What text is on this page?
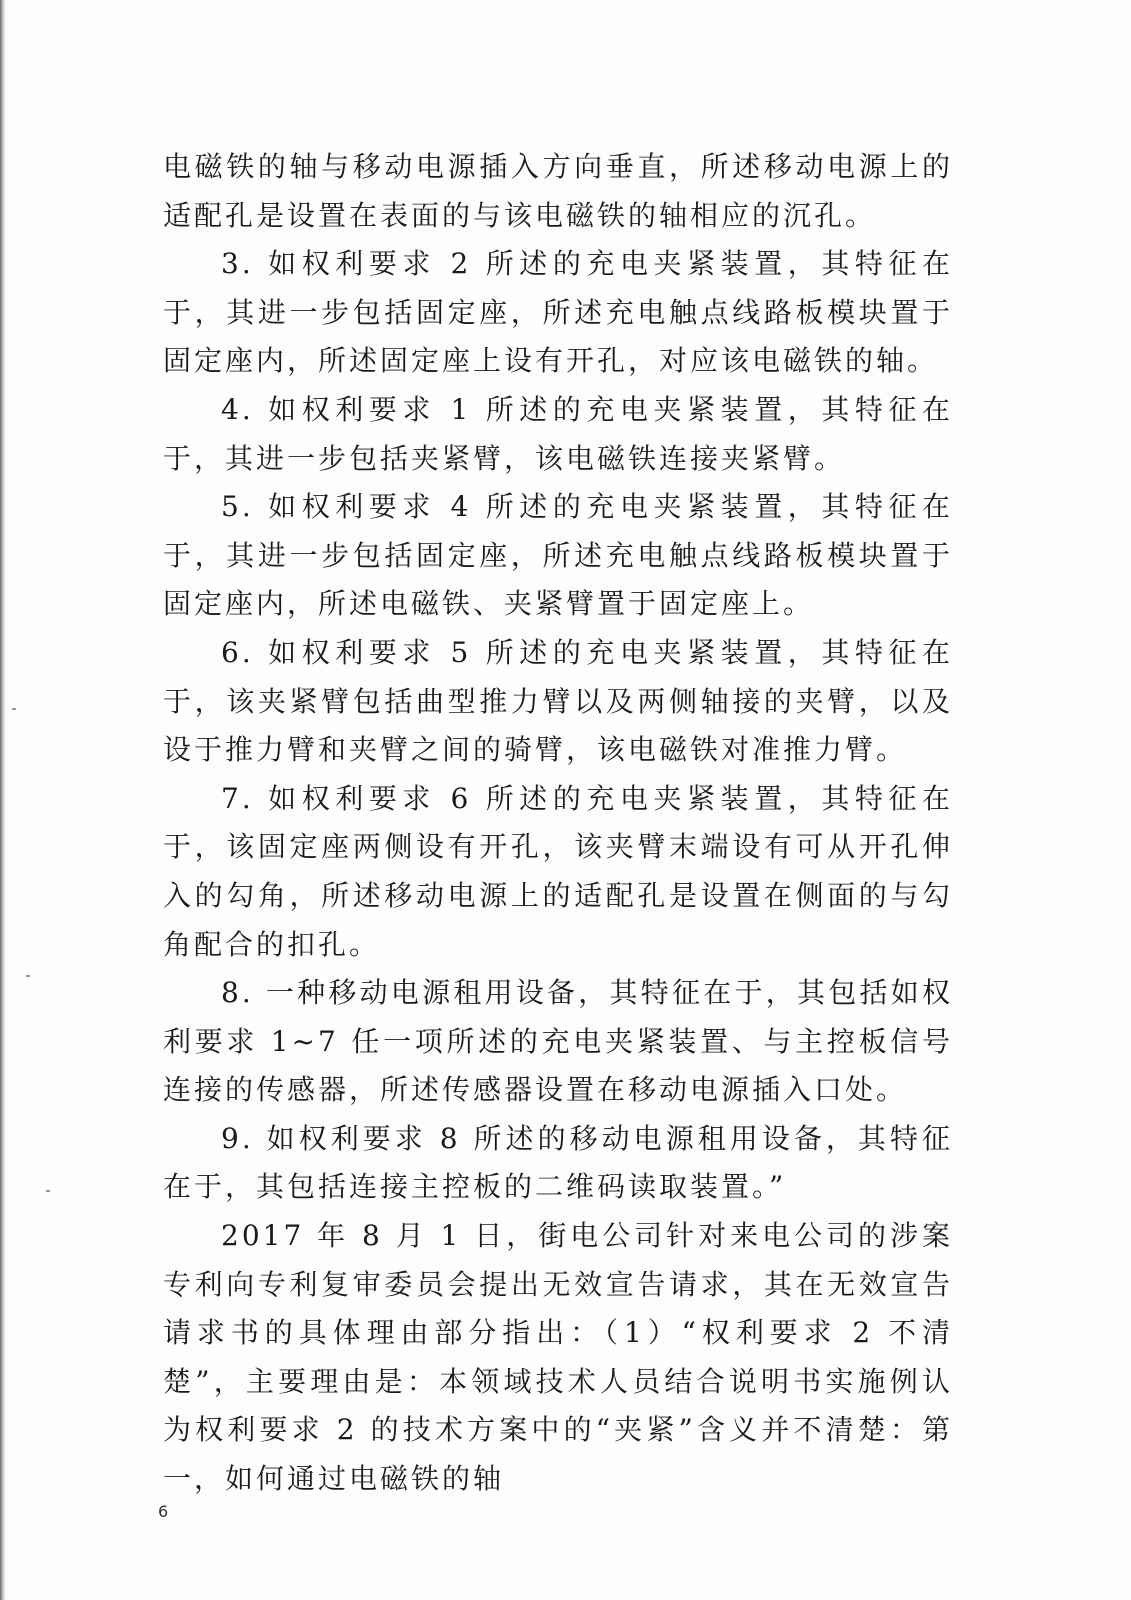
电磁铁的轴与移动电源插入方向垂直，所述移动电源上的适配孔是设置在表面的与该电磁铁的轴相应的沉孔。

3. 如权利要求 2 所述的充电夹紧装置，其特征在于，其进一步包括固定座，所述充电触点线路板模块置于固定座内，所述固定座上设有开孔，对应该电磁铁的轴。

4. 如权利要求 1 所述的充电夹紧装置，其特征在于，其进一步包括夹紧臂，该电磁铁连接夹紧臂。

5. 如权利要求 4 所述的充电夹紧装置，其特征在于，其进一步包括固定座，所述充电触点线路板模块置于固定座内，所述电磁铁、夹紧臂置于固定座上。

6. 如权利要求 5 所述的充电夹紧装置，其特征在于，该夹紧臂包括曲型推力臂以及两侧轴接的夹臂，以及设于推力臂和夹臂之间的骑臂，该电磁铁对准推力臂。

7. 如权利要求 6 所述的充电夹紧装置，其特征在于，该固定座两侧设有开孔，该夹臂末端设有可从开孔伸入的勾角，所述移动电源上的适配孔是设置在侧面的与勾角配合的扣孔。

8. 一种移动电源租用设备，其特征在于，其包括如权利要求 1~7 任一项所述的充电夹紧装置、与主控板信号连接的传感器，所述传感器设置在移动电源插入口处。

9. 如权利要求 8 所述的移动电源租用设备，其特征在于，其包括连接主控板的二维码读取装置。”

2017 年 8 月 1 日，街电公司针对来电公司的涉案专利向专利复审委员会提出无效宣告请求，其在无效宣告请求书的具体理由部分指出：（1）“权利要求 2 不清楚”，主要理由是：本领域技术人员结合说明书实施例认为权利要求 2 的技术方案中的“夹紧”含义并不清楚：第一，如何通过电磁铁的轴

6
